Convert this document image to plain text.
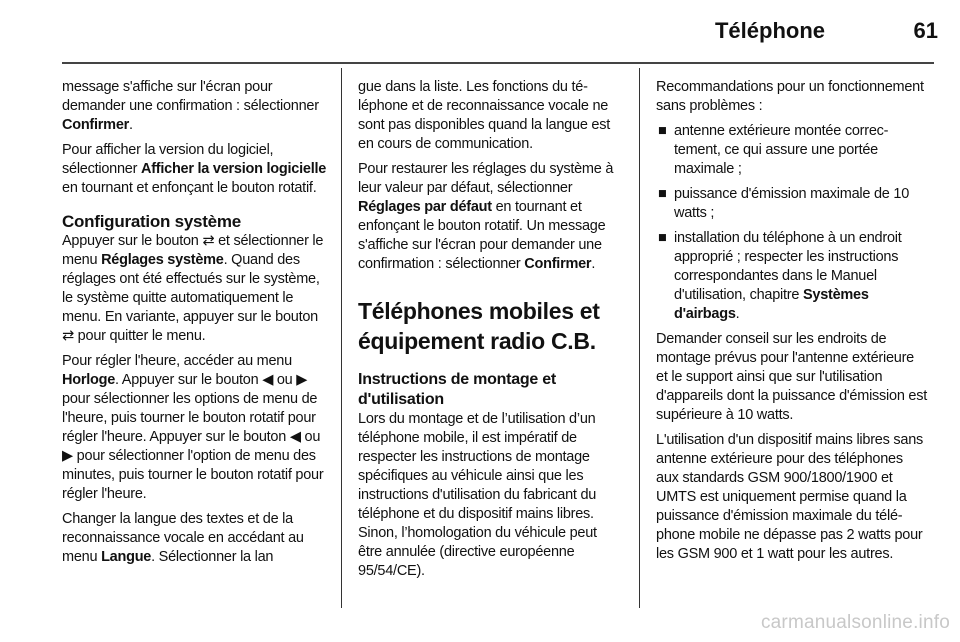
Téléphone	61

message s'affiche sur l'écran pour demander une confirmation : sélectionner Confirmer.

Pour afficher la version du logiciel, sélectionner Afficher la version logicielle en tournant et enfonçant le bouton rotatif.

Configuration système

Appuyer sur le bouton ⇄ et sélectionner le menu Réglages système. Quand des réglages ont été effectués sur le système, le système quitte automatiquement le menu. En variante, appuyer sur le bouton ⇄ pour quitter le menu.

Pour régler l'heure, accéder au menu Horloge. Appuyer sur le bouton ◀ ou ▶ pour sélectionner les options de menu de l'heure, puis tourner le bouton rotatif pour régler l'heure. Appuyer sur le bouton ◀ ou ▶ pour sélectionner l'option de menu des minutes, puis tourner le bouton rotatif pour régler l'heure.

Changer la langue des textes et de la reconnaissance vocale en accédant au menu Langue. Sélectionner la lan

gue dans la liste. Les fonctions du téléphone et de reconnaissance vocale ne sont pas disponibles quand la langue est en cours de communication.

Pour restaurer les réglages du système à leur valeur par défaut, sélectionner Réglages par défaut en tournant et enfonçant le bouton rotatif. Un message s'affiche sur l'écran pour demander une confirmation : sélectionner Confirmer.

Téléphones mobiles et équipement radio C.B.
Instructions de montage et d'utilisation

Lors du montage et de l’utilisation d’un téléphone mobile, il est impératif de respecter les instructions de montage spécifiques au véhicule ainsi que les instructions d'utilisation du fabricant du téléphone et du dispositif mains libres. Sinon, l’homologation du véhicule peut être annulée (directive européenne 95/54/CE).

Recommandations pour un fonctionnement sans problèmes :

■ antenne extérieure montée correctement, ce qui assure une portée maximale ;
■ puissance d'émission maximale de 10 watts ;
■ installation du téléphone à un endroit approprié ; respecter les instructions correspondantes dans le Manuel d'utilisation, chapitre Systèmes d'airbags.

Demander conseil sur les endroits de montage prévus pour l'antenne extérieure et le support ainsi que sur l'utilisation d'appareils dont la puissance d'émission est supérieure à 10 watts.

L'utilisation d'un dispositif mains libres sans antenne extérieure pour des téléphones aux standards GSM 900/1800/1900 et UMTS est uniquement permise quand la puissance d'émission maximale du téléphone mobile ne dépasse pas 2 watts pour les GSM 900 et 1 watt pour les autres.

carmanualsonline.info
